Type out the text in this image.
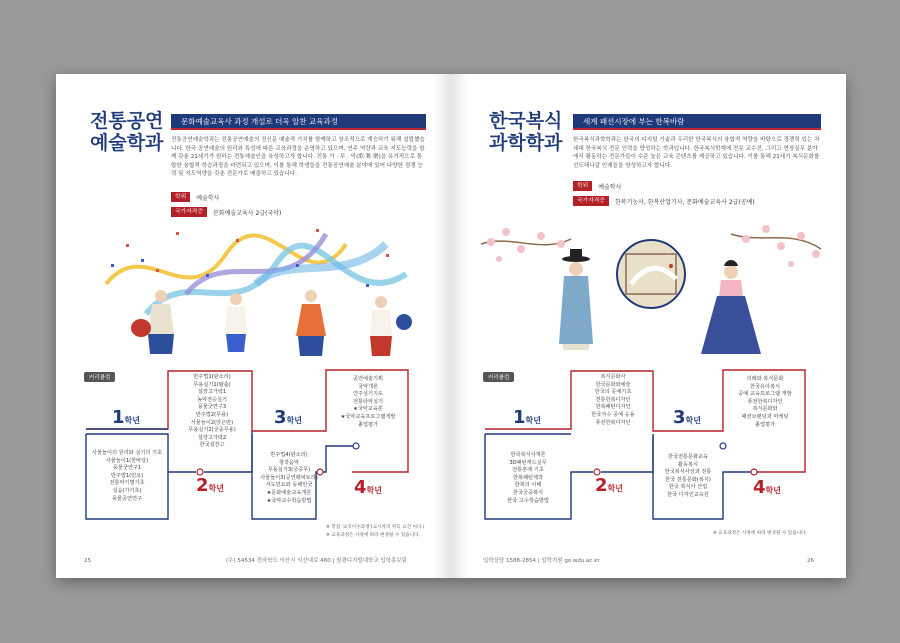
전통공연
예술학과
문화예술교육사 과정 개설로 더욱 알찬 교육과정
전통공연예술학과는 전통공연예술의 정신문 예술적 가치를 함께하고 창조적으로 계승하기 위해 설립했습니다. 한국 공연예술의 원리와 특성에 따른 교육과정을 운영하고 있으며, 연주 역량과 교육 지도능력을 함께 갖춘 21세기가 원하는 전통예술인을 육성하고자 합니다. 전통 가 · 무 · 악(歌·舞·樂)을 유기적으로 통합한 융합적 학습과정을 마련되고 있으며, 이를 통해 학생들을 전통공연예술 분야에 있어 다양한 경쟁 능력 및 지도역량을 갖춘 전문가로 배출하고 있습니다.
학위	예술학사
국가자격증	문화예술교육사 2급(국악)
커리큘럼
1학년
2학년
3학년
4학년
사물놀이의 원리와 실기의 기초
사물놀이1(한바탕)
풍물굿연구1
반주법1(민요)
전통악기별기초
실습(가기초)
풍물공연연구
반주법1(판소리)
무용실기1(탈춤)
설장고가락1
농악전승실기
풍물굿연구3
반주법2(무용)
사물놀이2(앉은반)
무용실기2(궁중무용)
설장고가락2
한국설장고
반주법4(판소리)
창작음악
무용실기3(궁중무)
사물놀이3(공연레퍼토리)
서도민요와 동해안굿
★문화예술교육개론
★국악교수학습방법
공연예술기획
국악개론
연주실기지도
전통타악실기
★국악교육론
★국악교육프로그램개발
졸업평가
※ 학점 '교직이수과정'(교사자격 취득 요건 이다.)
※ 교육과정은 사정에 따라 변경될 수 있습니다.
25	(우) 54534 전라북도 익산시 익산대로 460 | 원광디지털대학교 입학홍보팀
한국복식
과학학과
세계 패션시장에 부는 한복바람
한국복식과학학과는 한국의 디지털 기술과 우리한 한국복식의 융합적 역량을 바탕으로 경쟁력 있는 차세대 한국복식 전문 인력을 양성하는 학과입니다. 한국복식학계에 전문 교수진, 그리고 현장실무 분야에서 활동하는 전문가들이 수준 높은 교육 콘텐츠를 제공하고 있습니다. 이를 통해 21세기 복식문화를 선도해나갈 인재들을 양성하고자 합니다.
학위	예술학사
국가자격증	한복기능사, 한복산업기사, 문화예술교육사 2급(공예)
커리큘럼
1학년
2학년
3학년
4학년
한국복식사개론
3D패턴캐드실무
전통혼례 기초
한복패턴제작
한복의 이해
한국궁중복식
한국 고수학습방법
복식문화사
한국문화와예술
한국의 공예기초
전통한복디자인
한복패턴디자인
한국자수 공예 응용
퓨전한복디자인
한국전통문화교육
활동복식
한국복식사상과 전통
한국 전통문화(복식)
한국 복식사 산업
한국 디자인교육원
의례와 복식문화
한국유아복식
공예 교육프로그램 개발
퓨전한복디자인
복식문화와
패션브랜딩과 마케팅
졸업평가
※ 교육과정은 사정에 따라 변경될 수 있습니다.
입학상담 1588-2854 | 입학지원 go.wdu.ac.kr	26
